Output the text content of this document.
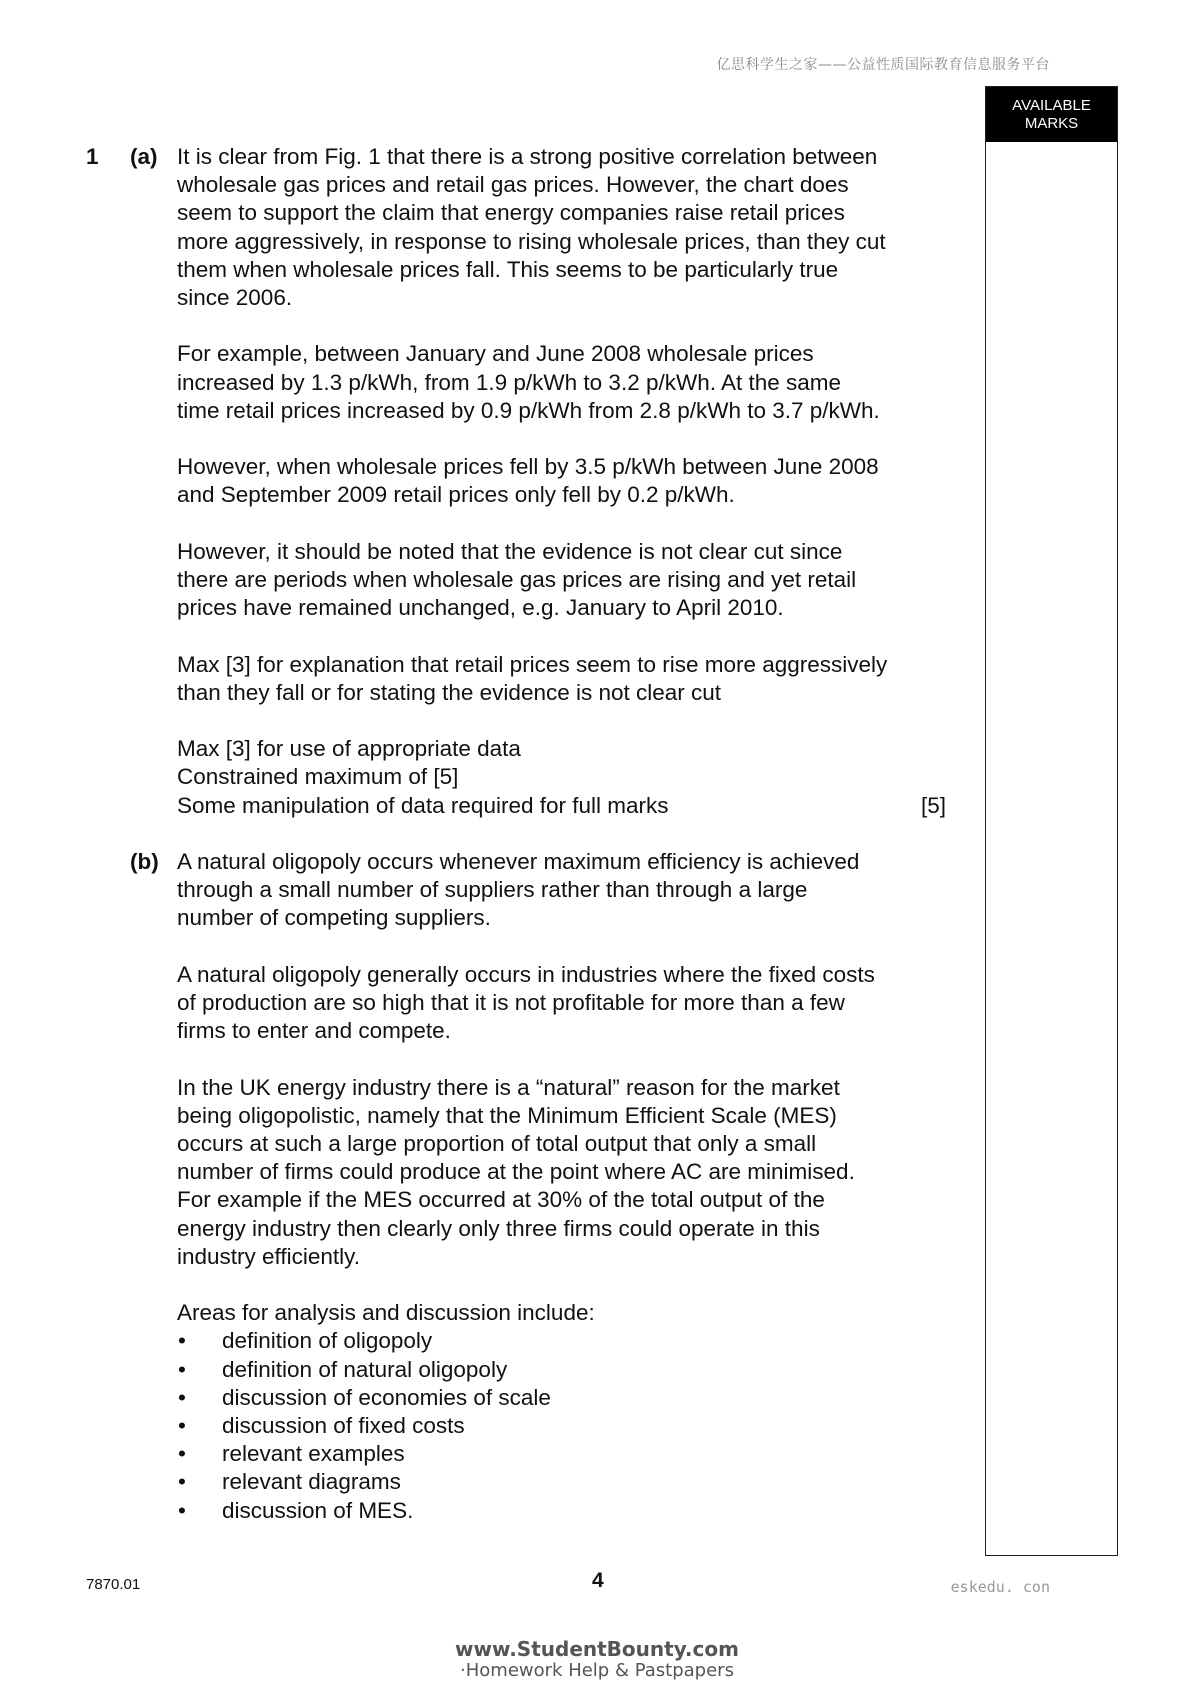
亿思科学生之家——公益性质国际教育信息服务平台
AVAILABLE
MARKS
1 (a) It is clear from Fig. 1 that there is a strong positive correlation between
wholesale gas prices and retail gas prices. However, the chart does
seem to support the claim that energy companies raise retail prices
more aggressively, in response to rising wholesale prices, than they cut
them when wholesale prices fall. This seems to be particularly true
since 2006.
For example, between January and June 2008 wholesale prices
increased by 1.3 p/kWh, from 1.9 p/kWh to 3.2 p/kWh. At the same
time retail prices increased by 0.9 p/kWh from 2.8 p/kWh to 3.7 p/kWh.
However, when wholesale prices fell by 3.5 p/kWh between June 2008
and September 2009 retail prices only fell by 0.2 p/kWh.
However, it should be noted that the evidence is not clear cut since
there are periods when wholesale gas prices are rising and yet retail
prices have remained unchanged, e.g. January to April 2010.
Max [3] for explanation that retail prices seem to rise more aggressively
than they fall or for stating the evidence is not clear cut
Max [3] for use of appropriate data
Constrained maximum of [5]
Some manipulation of data required for full marks	[5]
(b) A natural oligopoly occurs whenever maximum efficiency is achieved
through a small number of suppliers rather than through a large
number of competing suppliers.
A natural oligopoly generally occurs in industries where the fixed costs
of production are so high that it is not profitable for more than a few
firms to enter and compete.
In the UK energy industry there is a “natural” reason for the market
being oligopolistic, namely that the Minimum Efficient Scale (MES)
occurs at such a large proportion of total output that only a small
number of firms could produce at the point where AC are minimised.
For example if the MES occurred at 30% of the total output of the
energy industry then clearly only three firms could operate in this
industry efficiently.
Areas for analysis and discussion include:
• definition of oligopoly
• definition of natural oligopoly
• discussion of economies of scale
• discussion of fixed costs
• relevant examples
• relevant diagrams
• discussion of MES.
7870.01	4	eskedu. con
www.StudentBounty.com
·Homework Help & Pastpapers
